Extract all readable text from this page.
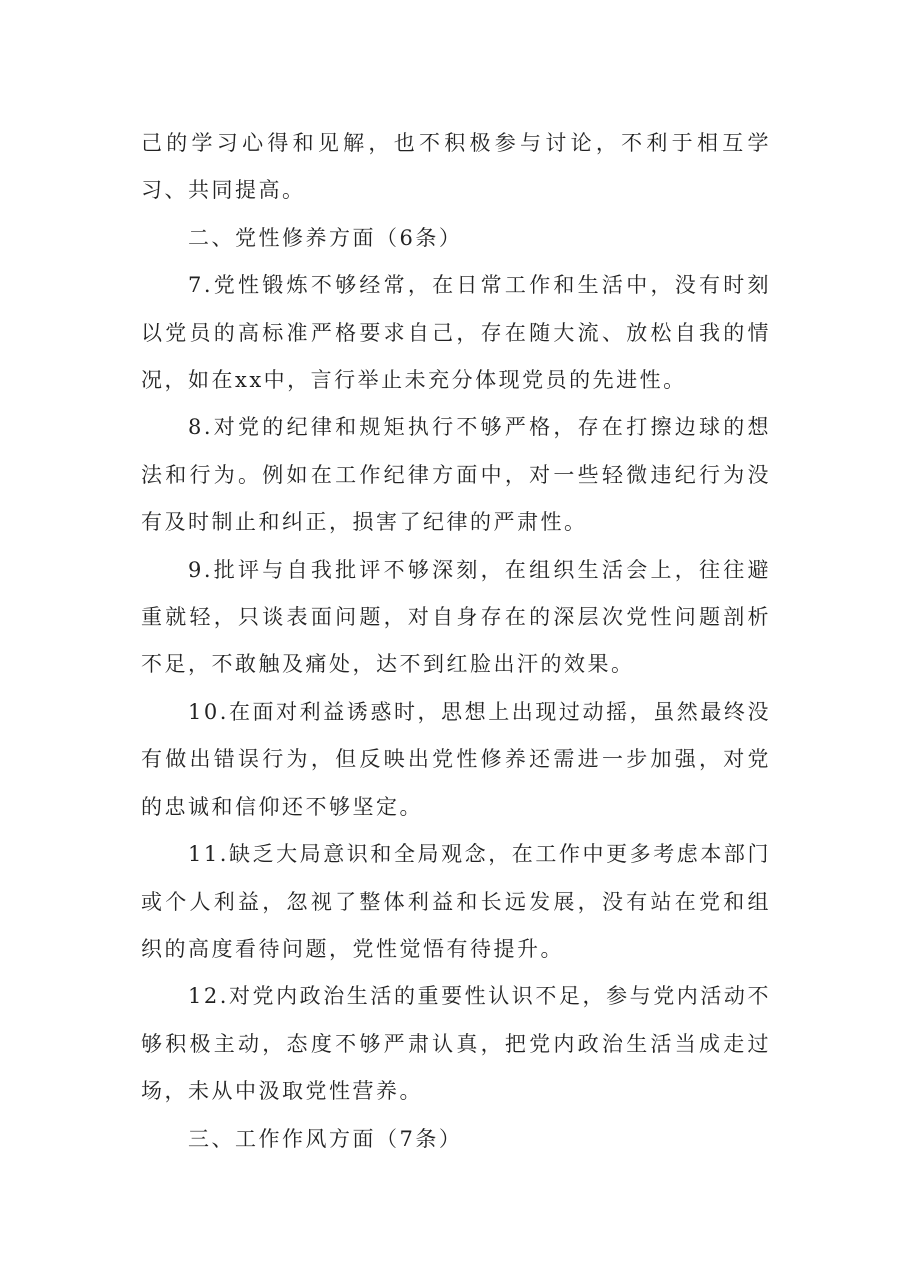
己的学习心得和见解，也不积极参与讨论，不利于相互学习、共同提高。

二、党性修养方面（6条）

7.党性锻炼不够经常，在日常工作和生活中，没有时刻以党员的高标准严格要求自己，存在随大流、放松自我的情况，如在xx中，言行举止未充分体现党员的先进性。

8.对党的纪律和规矩执行不够严格，存在打擦边球的想法和行为。例如在工作纪律方面中，对一些轻微违纪行为没有及时制止和纠正，损害了纪律的严肃性。

9.批评与自我批评不够深刻，在组织生活会上，往往避重就轻，只谈表面问题，对自身存在的深层次党性问题剖析不足，不敢触及痛处，达不到红脸出汗的效果。

10.在面对利益诱惑时，思想上出现过动摇，虽然最终没有做出错误行为，但反映出党性修养还需进一步加强，对党的忠诚和信仰还不够坚定。

11.缺乏大局意识和全局观念，在工作中更多考虑本部门或个人利益，忽视了整体利益和长远发展，没有站在党和组织的高度看待问题，党性觉悟有待提升。

12.对党内政治生活的重要性认识不足，参与党内活动不够积极主动，态度不够严肃认真，把党内政治生活当成走过场，未从中汲取党性营养。

三、工作作风方面（7条）
